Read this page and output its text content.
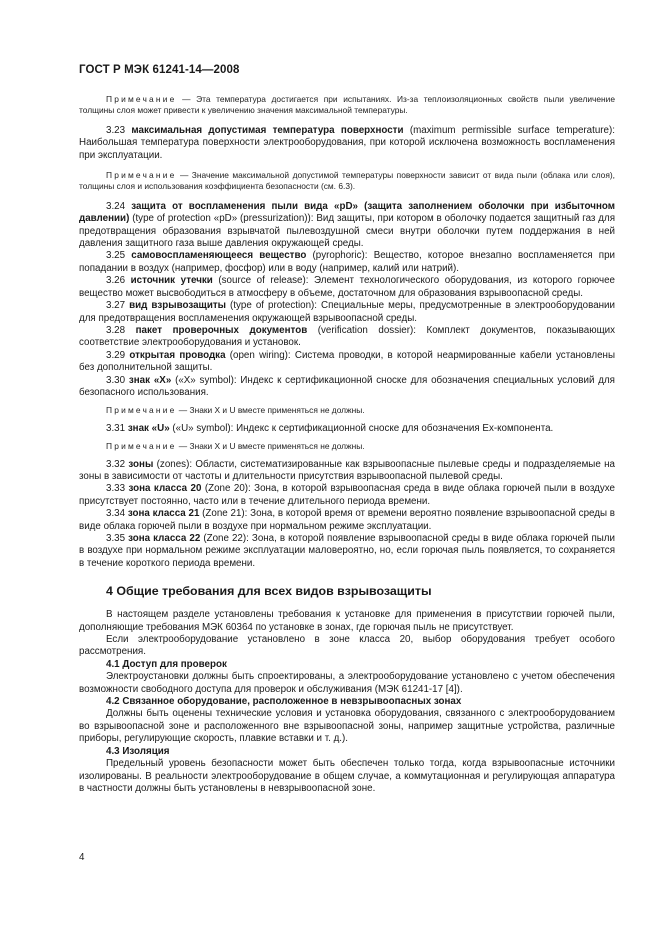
ГОСТ Р МЭК 61241-14—2008

Примечание — Эта температура достигается при испытаниях. Из-за теплоизоляционных свойств пыли увеличение толщины слоя может привести к увеличению значения максимальной температуры.

3.23 максимальная допустимая температура поверхности (maximum permissible surface temperature): Наибольшая температура поверхности электрооборудования, при которой исключена возможность воспламенения при эксплуатации.

Примечание — Значение максимальной допустимой температуры поверхности зависит от вида пыли (облака или слоя), толщины слоя и использования коэффициента безопасности (см. 6.3).

3.24 защита от воспламенения пыли вида «pD» (защита заполнением оболочки при избыточном давлении) (type of protection «pD» (pressurization)): Вид защиты, при котором в оболочку подается защитный газ для предотвращения образования взрывчатой пылевоздушной смеси внутри оболочки путем поддержания в ней давления защитного газа выше давления окружающей среды.

3.25 самовоспламеняющееся вещество (pyrophoric): Вещество, которое внезапно воспламеняется при попадании в воздух (например, фосфор) или в воду (например, калий или натрий).

3.26 источник утечки (source of release): Элемент технологического оборудования, из которого горючее вещество может высвободиться в атмосферу в объеме, достаточном для образования взрывоопасной среды.

3.27 вид взрывозащиты (type of protection): Специальные меры, предусмотренные в электрооборудовании для предотвращения воспламенения окружающей взрывоопасной среды.

3.28 пакет проверочных документов (verification dossier): Комплект документов, показывающих соответствие электрооборудования и установок.

3.29 открытая проводка (open wiring): Система проводки, в которой неармированные кабели установлены без дополнительной защиты.

3.30 знак «X» («X» symbol): Индекс к сертификационной сноске для обозначения специальных условий для безопасного использования.

Примечание — Знаки X и U вместе применяться не должны.

3.31 знак «U» («U» symbol): Индекс к сертификационной сноске для обозначения Ех-компонента.

Примечание — Знаки X и U вместе применяться не должны.

3.32 зоны (zones): Области, систематизированные как взрывоопасные пылевые среды и подразделяемые на зоны в зависимости от частоты и длительности присутствия взрывоопасной пылевой среды.

3.33 зона класса 20 (Zone 20): Зона, в которой взрывоопасная среда в виде облака горючей пыли в воздухе присутствует постоянно, часто или в течение длительного периода времени.

3.34 зона класса 21 (Zone 21): Зона, в которой время от времени вероятно появление взрывоопасной среды в виде облака горючей пыли в воздухе при нормальном режиме эксплуатации.

3.35 зона класса 22 (Zone 22): Зона, в которой появление взрывоопасной среды в виде облака горючей пыли в воздухе при нормальном режиме эксплуатации маловероятно, но, если горючая пыль появляется, то сохраняется в течение короткого периода времени.

4 Общие требования для всех видов взрывозащиты

В настоящем разделе установлены требования к установке для применения в присутствии горючей пыли, дополняющие требования МЭК 60364 по установке в зонах, где горючая пыль не присутствует.

Если электрооборудование установлено в зоне класса 20, выбор оборудования требует особого рассмотрения.

4.1 Доступ для проверок

Электроустановки должны быть спроектированы, а электрооборудование установлено с учетом обеспечения возможности свободного доступа для проверок и обслуживания (МЭК 61241-17 [4]).

4.2 Связанное оборудование, расположенное в невзрывоопасных зонах

Должны быть оценены технические условия и установка оборудования, связанного с электрооборудованием во взрывоопасной зоне и расположенного вне взрывоопасной зоны, например защитные устройства, различные приборы, регулирующие скорость, плавкие вставки и т. д.).

4.3 Изоляция

Предельный уровень безопасности может быть обеспечен только тогда, когда взрывоопасные источники изолированы. В реальности электрооборудование в общем случае, а коммутационная и регулирующая аппаратура в частности должны быть установлены в невзрывоопасной зоне.

4
